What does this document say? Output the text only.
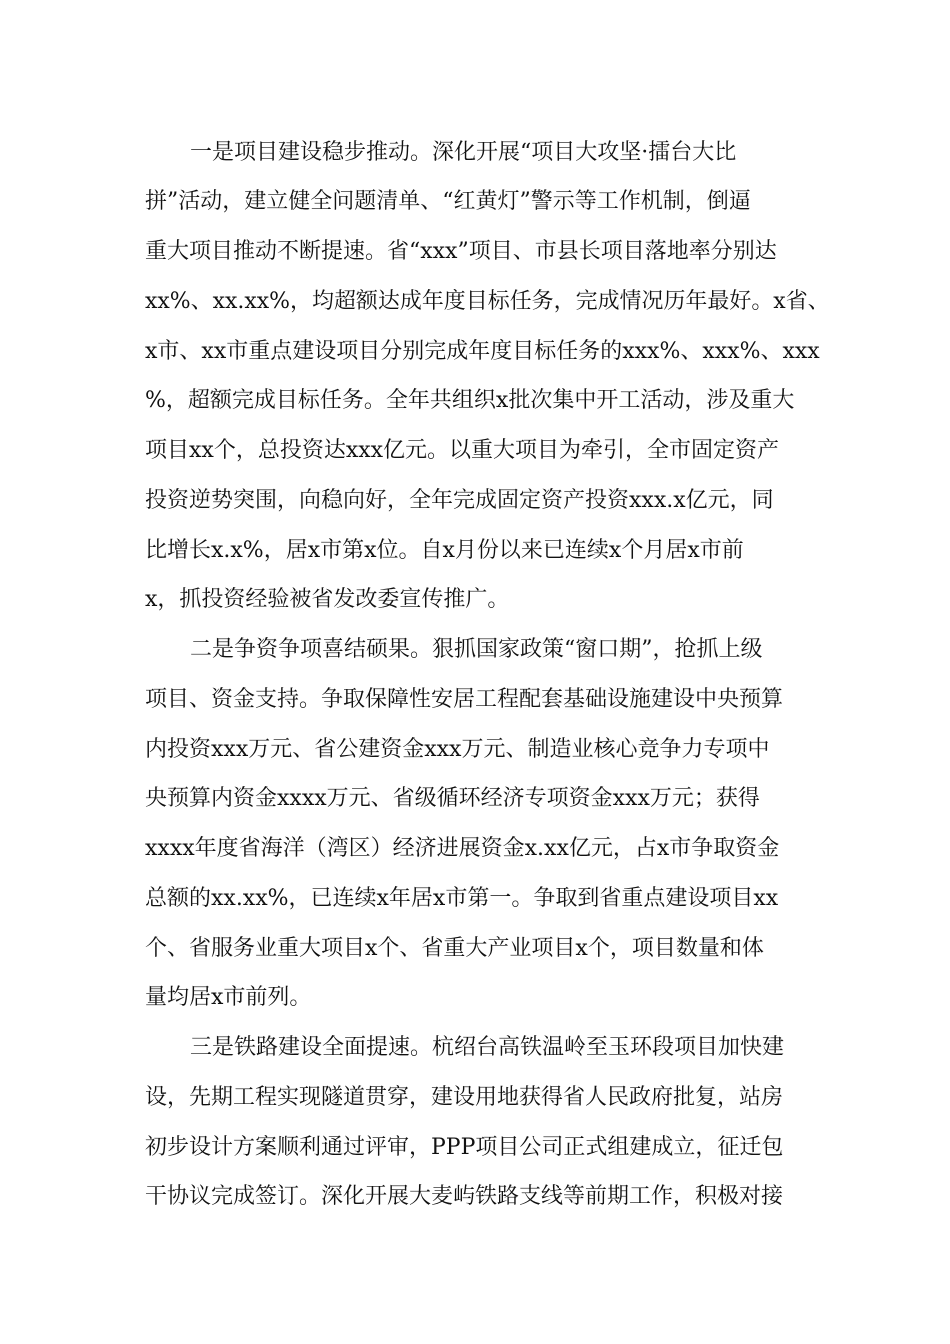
一是项目建设稳步推动。深化开展“项目大攻坚·擂台大比
拼”活动，建立健全问题清单、“红黄灯”警示等工作机制，倒逼
重大项目推动不断提速。省“xxx”项目、市县长项目落地率分别达
xx%、xx.xx%，均超额达成年度目标任务，完成情况历年最好。x省、
x市、xx市重点建设项目分别完成年度目标任务的xxx%、xxx%、xxx
%，超额完成目标任务。全年共组织x批次集中开工活动，涉及重大
项目xx个，总投资达xxx亿元。以重大项目为牵引，全市固定资产
投资逆势突围，向稳向好，全年完成固定资产投资xxx.x亿元，同
比增长x.x%，居x市第x位。自x月份以来已连续x个月居x市前
x，抓投资经验被省发改委宣传推广。
二是争资争项喜结硕果。狠抓国家政策“窗口期”，抢抓上级
项目、资金支持。争取保障性安居工程配套基础设施建设中央预算
内投资xxx万元、省公建资金xxx万元、制造业核心竞争力专项中
央预算内资金xxxx万元、省级循环经济专项资金xxx万元；获得
xxxx年度省海洋（湾区）经济进展资金x.xx亿元，占x市争取资金
总额的xx.xx%，已连续x年居x市第一。争取到省重点建设项目xx
个、省服务业重大项目x个、省重大产业项目x个，项目数量和体
量均居x市前列。
三是铁路建设全面提速。杭绍台高铁温岭至玉环段项目加快建
设，先期工程实现隧道贯穿，建设用地获得省人民政府批复，站房
初步设计方案顺利通过评审，PPP项目公司正式组建成立，征迁包
干协议完成签订。深化开展大麦屿铁路支线等前期工作，积极对接
